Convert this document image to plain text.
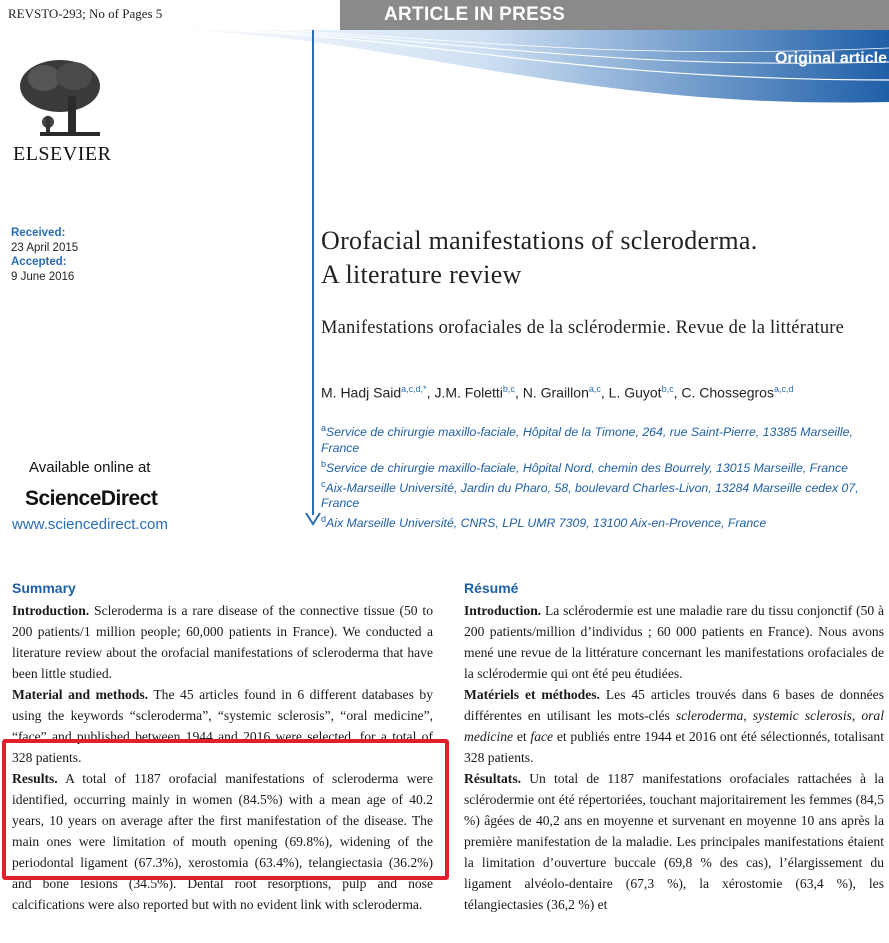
REVSTO-293; No of Pages 5	ARTICLE IN PRESS
Original article
ELSEVIER
Received:
23 April 2015
Accepted:
9 June 2016
Available online at
ScienceDirect
www.sciencedirect.com
Orofacial manifestations of scleroderma.
A literature review
Manifestations orofaciales de la sclérodermie. Revue de la littérature
M. Hadj Said$^{a,c,d,*}$, J.M. Foletti$^{b,c}$, N. Graillon$^{a,c}$, L. Guyot$^{b,c}$, C. Chossegros$^{a,c,d}$
$^a$Service de chirurgie maxillo-faciale, Hôpital de la Timone, 264, rue Saint-Pierre, 13385 Marseille, France
$^b$Service de chirurgie maxillo-faciale, Hôpital Nord, chemin des Bourrely, 13015 Marseille, France
$^c$Aix-Marseille Université, Jardin du Pharo, 58, boulevard Charles-Livon, 13284 Marseille cedex 07, France
$^d$Aix Marseille Université, CNRS, LPL UMR 7309, 13100 Aix-en-Provence, France
Summary

Introduction. Scleroderma is a rare disease of the connective tissue (50 to 200 patients/1 million people; 60,000 patients in France). We conducted a literature review about the orofacial manifestations of scleroderma that have been little studied.

Material and methods. The 45 articles found in 6 different databases by using the keywords “scleroderma”, “systemic sclerosis”, “oral medicine”, “face” and published between 1944 and 2016 were selected, for a total of 328 patients.

Results. A total of 1187 orofacial manifestations of scleroderma were identified, occurring mainly in women (84.5%) with a mean age of 40.2 years, 10 years on average after the first manifestation of the disease. The main ones were limitation of mouth opening (69.8%), widening of the periodontal ligament (67.3%), xerostomia (63.4%), telangiectasia (36.2%) and bone lesions (34.5%). Dental root resorptions, pulp and nose calcifications were also reported but with no evident link with scleroderma.

Résumé

Introduction. La sclérodermie est une maladie rare du tissu conjonctif (50 à 200 patients/million d’individus ; 60 000 patients en France). Nous avons mené une revue de la littérature concernant les manifestations orofaciales de la sclérodermie qui ont été peu étudiées.

Matériels et méthodes. Les 45 articles trouvés dans 6 bases de données différentes en utilisant les mots-clés scleroderma, systemic sclerosis, oral medicine et face et publiés entre 1944 et 2016 ont été sélectionnés, totalisant 328 patients.

Résultats. Un total de 1187 manifestations orofaciales rattachées à la sclérodermie ont été répertoriées, touchant majoritairement les femmes (84,5 %) âgées de 40,2 ans en moyenne et survenant en moyenne 10 ans après la première manifestation de la maladie. Les principales manifestations étaient la limitation d’ouverture buccale (69,8 % des cas), l’élargissement du ligament alvéolo-dentaire (67,3 %), la xérostomie (63,4 %), les télangiectasies (36,2 %) et
